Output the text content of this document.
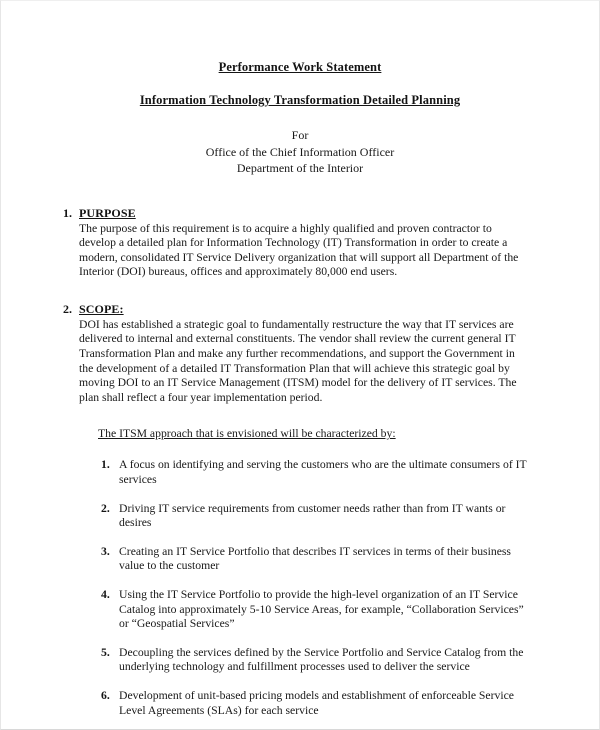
Performance Work Statement
Information Technology Transformation Detailed Planning
For
Office of the Chief Information Officer
Department of the Interior
1. PURPOSE
The purpose of this requirement is to acquire a highly qualified and proven contractor to develop a detailed plan for Information Technology (IT) Transformation in order to create a modern, consolidated IT Service Delivery organization that will support all Department of the Interior (DOI) bureaus, offices and approximately 80,000 end users.
2. SCOPE:
DOI has established a strategic goal to fundamentally restructure the way that IT services are delivered to internal and external constituents. The vendor shall review the current general IT Transformation Plan and make any further recommendations, and support the Government in the development of a detailed IT Transformation Plan that will achieve this strategic goal by moving DOI to an IT Service Management (ITSM) model for the delivery of IT services. The plan shall reflect a four year implementation period.
The ITSM approach that is envisioned will be characterized by:
1. A focus on identifying and serving the customers who are the ultimate consumers of IT services
2. Driving IT service requirements from customer needs rather than from IT wants or desires
3. Creating an IT Service Portfolio that describes IT services in terms of their business value to the customer
4. Using the IT Service Portfolio to provide the high-level organization of an IT Service Catalog into approximately 5-10 Service Areas, for example, “Collaboration Services” or “Geospatial Services”
5. Decoupling the services defined by the Service Portfolio and Service Catalog from the underlying technology and fulfillment processes used to deliver the service
6. Development of unit-based pricing models and establishment of enforceable Service Level Agreements (SLAs) for each service
